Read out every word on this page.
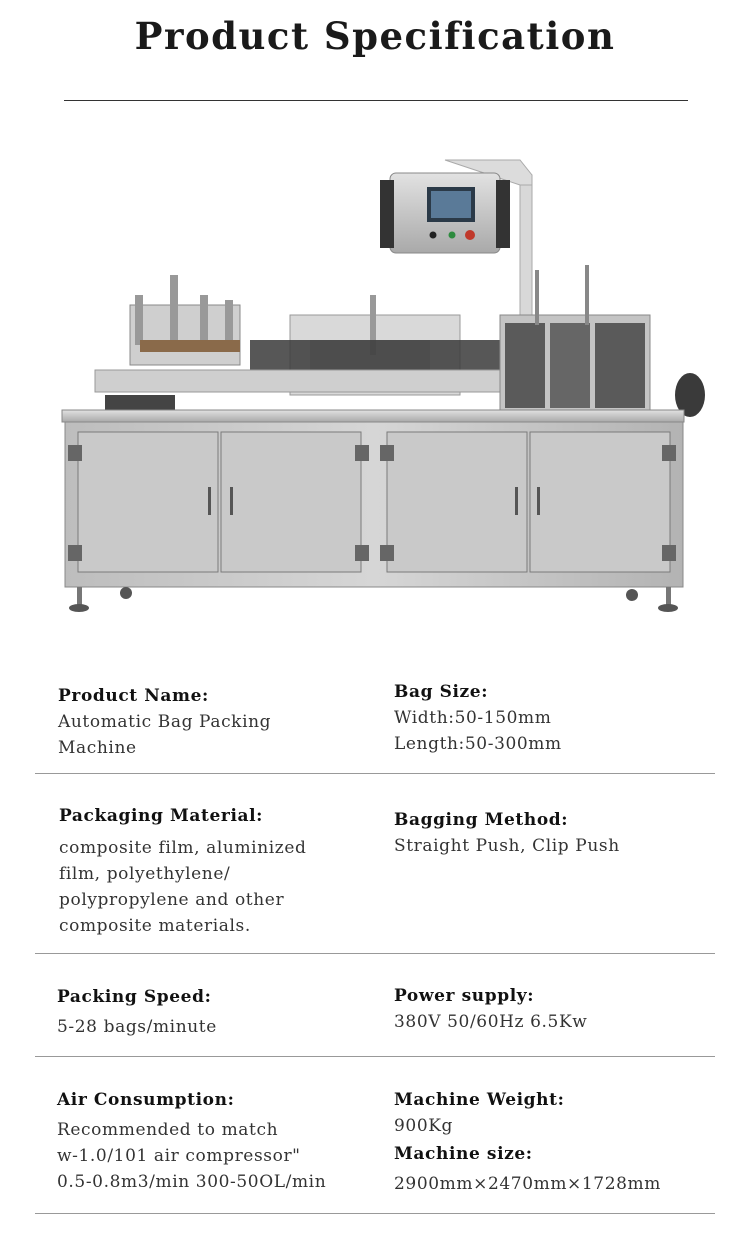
Product Specification
Product Name:
Automatic Bag Packing
Machine
Bag Size:
Width:50-150mm
Length:50-300mm
Packaging Material:
composite film, aluminized
film, polyethylene/
polypropylene and other
composite materials.
Bagging Method:
Straight Push, Clip Push
Packing Speed:
5-28 bags/minute
Power supply:
380V 50/60Hz 6.5Kw
Air Consumption:
Recommended to match
w-1.0/101 air compressor"
0.5-0.8m3/min 300-50OL/min
Machine Weight:
900Kg
Machine size:
2900mm×2470mm×1728mm
